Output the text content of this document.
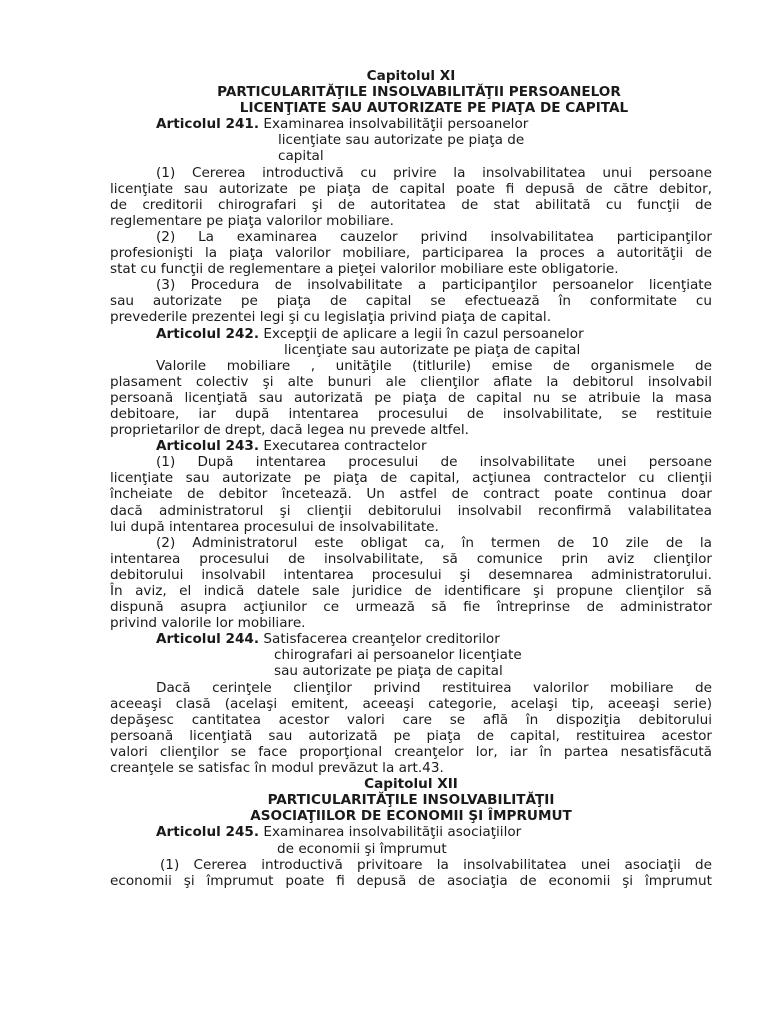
Capitolul XI
PARTICULARITĂŢILE INSOLVABILITĂŢII PERSOANELOR
LICENŢIATE SAU AUTORIZATE PE PIAŢA DE CAPITAL
Articolul 241. Examinarea insolvabilităţii persoanelor
licenţiate sau autorizate pe piaţa de
capital
(1) Cererea introductivă cu privire la insolvabilitatea unui persoane
licenţiate sau autorizate pe piaţa de capital poate fi depusă de către debitor,
de creditorii chirografari şi de autoritatea de stat abilitată cu funcţii de
reglementare pe piaţa valorilor mobiliare.
(2) La examinarea cauzelor privind insolvabilitatea participanţilor
profesionişti la piaţa valorilor mobiliare, participarea la proces a autorităţii de
stat cu funcţii de reglementare a pieţei valorilor mobiliare este obligatorie.
(3) Procedura de insolvabilitate a participanţilor persoanelor licenţiate
sau autorizate pe piaţa de capital se efectuează în conformitate cu
prevederile prezentei legi şi cu legislaţia privind piaţa de capital.
Articolul 242. Excepţii de aplicare a legii în cazul persoanelor
licenţiate sau autorizate pe piaţa de capital
Valorile mobiliare , unităţile (titlurile) emise de organismele de
plasament colectiv şi alte bunuri ale clienţilor aflate la debitorul insolvabil
persoană licenţiată sau autorizată pe piaţa de capital nu se atribuie la masa
debitoare, iar după intentarea procesului de insolvabilitate, se restituie
proprietarilor de drept, dacă legea nu prevede altfel.
Articolul 243. Executarea contractelor
(1) După intentarea procesului de insolvabilitate unei persoane
licenţiate sau autorizate pe piaţa de capital, acţiunea contractelor cu clienţii
încheiate de debitor încetează. Un astfel de contract poate continua doar
dacă administratorul şi clienţii debitorului insolvabil reconfirmă valabilitatea
lui după intentarea procesului de insolvabilitate.
(2) Administratorul este obligat ca, în termen de 10 zile de la
intentarea procesului de insolvabilitate, să comunice prin aviz clienţilor
debitorului insolvabil intentarea procesului şi desemnarea administratorului.
În aviz, el indică datele sale juridice de identificare şi propune clienţilor să
dispună asupra acţiunilor ce urmează să fie întreprinse de administrator
privind valorile lor mobiliare.
Articolul 244. Satisfacerea creanţelor creditorilor
chirografari ai persoanelor licenţiate
sau autorizate pe piaţa de capital
Dacă cerinţele clienţilor privind restituirea valorilor mobiliare de
aceeaşi clasă (acelaşi emitent, aceeaşi categorie, acelaşi tip, aceeaşi serie)
depăşesc cantitatea acestor valori care se află în dispoziţia debitorului
persoană licenţiată sau autorizată pe piaţa de capital, restituirea acestor
valori clienţilor se face proporţional creanţelor lor, iar în partea nesatisfăcută
creanţele se satisfac în modul prevăzut la art.43.
Capitolul XII
PARTICULARITĂŢILE INSOLVABILITĂŢII
ASOCIAŢIILOR DE ECONOMII ŞI ÎMPRUMUT
Articolul 245. Examinarea insolvabilităţii asociaţiilor
de economii şi împrumut
(1) Cererea introductivă privitoare la insolvabilitatea unei asociaţii de
economii şi împrumut poate fi depusă de asociaţia de economii şi împrumut
